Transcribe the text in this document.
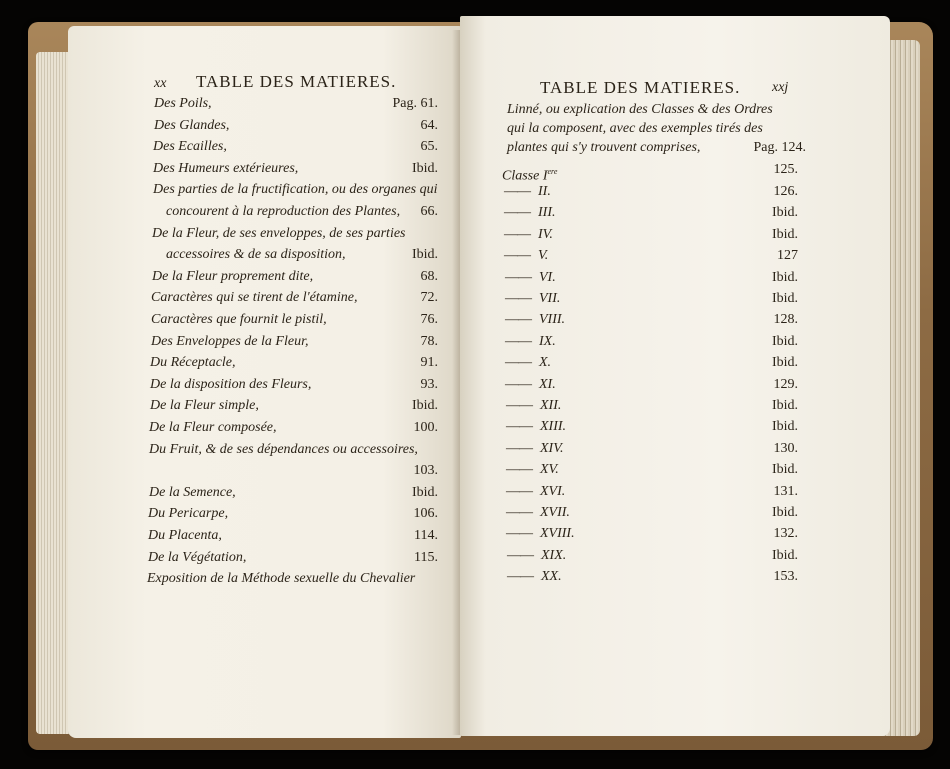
xx TABLE DES MATIERES.
Des Poils,	Pag. 61.
Des Glandes,	64.
Des Ecailles,	65.
Des Humeurs extérieures,	Ibid.
Des parties de la fructification, ou des organes qui
concourent à la reproduction des Plantes,	66.
De la Fleur, de ses enveloppes, de ses parties
accessoires & de sa disposition,	Ibid.
De la Fleur proprement dite,	68.
Caractères qui se tirent de l'étamine,	72.
Caractères que fournit le pistil,	76.
Des Enveloppes de la Fleur,	78.
Du Réceptacle,	91.
De la disposition des Fleurs,	93.
De la Fleur simple,	Ibid.
De la Fleur composée,	100.
Du Fruit, & de ses dépendances ou accessoires,
103.
De la Semence,	Ibid.
Du Pericarpe,	106.
Du Placenta,	114.
De la Végétation,	115.
Exposition de la Méthode sexuelle du Chevalier
TABLE DES MATIERES. xxj
Linné, ou explication des Classes & des Ordres
qui la composent, avec des exemples tirés des
plantes qui s'y trouvent comprises,	Pag. 124.
Classe Iere	125.
—— II.	126.
—— III.	Ibid.
—— IV.	Ibid.
—— V.	127
—— VI.	Ibid.
—— VII.	Ibid.
—— VIII.	128.
—— IX.	Ibid.
—— X.	Ibid.
—— XI.	129.
—— XII.	Ibid.
—— XIII.	Ibid.
—— XIV.	130.
—— XV.	Ibid.
—— XVI.	131.
—— XVII.	Ibid.
—— XVIII.	132.
—— XIX.	Ibid.
—— XX.	153.
